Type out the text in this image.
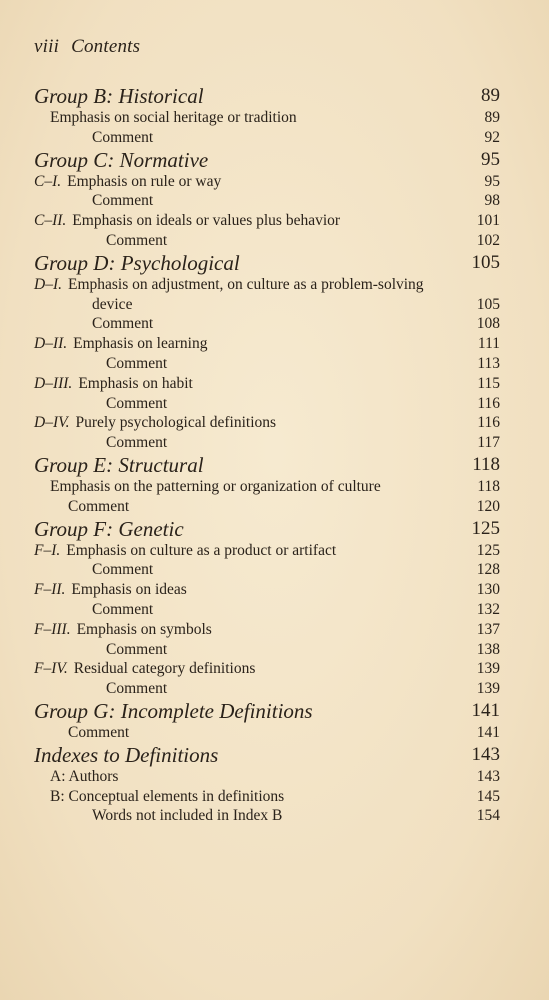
viii Contents
Group B: Historical	89
Emphasis on social heritage or tradition	89
Comment	92
Group C: Normative	95
C–I. Emphasis on rule or way	95
Comment	98
C–II. Emphasis on ideals or values plus behavior	101
Comment	102
Group D: Psychological	105
D–I. Emphasis on adjustment, on culture as a problem-solving
device	105
Comment	108
D–II. Emphasis on learning	111
Comment	113
D–III. Emphasis on habit	115
Comment	116
D–IV. Purely psychological definitions	116
Comment	117
Group E: Structural	118
Emphasis on the patterning or organization of culture	118
Comment	120
Group F: Genetic	125
F–I. Emphasis on culture as a product or artifact	125
Comment	128
F–II. Emphasis on ideas	130
Comment	132
F–III. Emphasis on symbols	137
Comment	138
F–IV. Residual category definitions	139
Comment	139
Group G: Incomplete Definitions	141
Comment	141
Indexes to Definitions	143
A: Authors	143
B: Conceptual elements in definitions	145
Words not included in Index B	154
